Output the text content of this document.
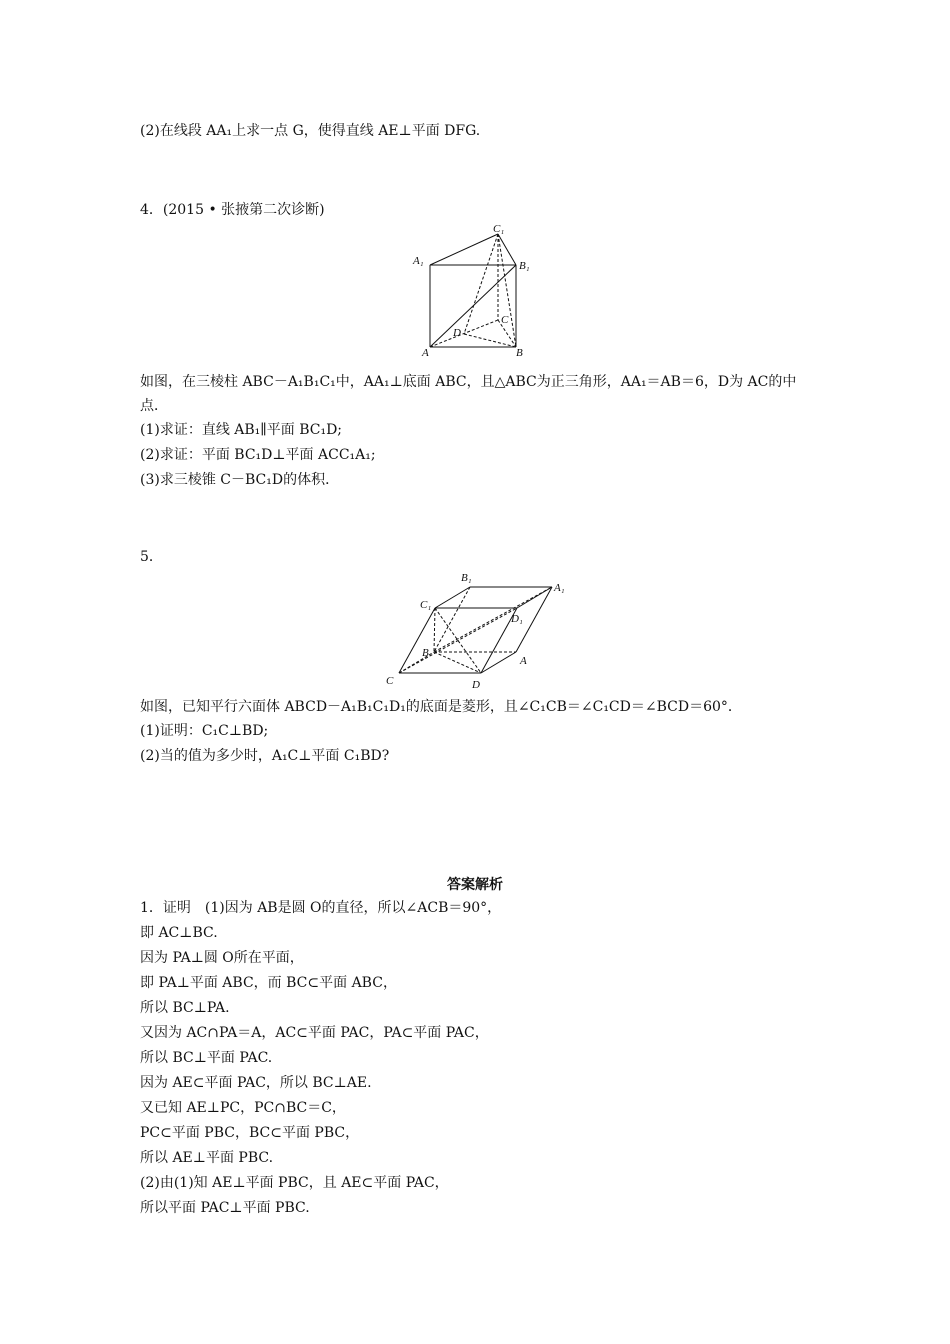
(2)在线段 AA₁上求一点 G，使得直线 AE⊥平面 DFG.
4．(2015 • 张掖第二次诊断)
A₁
C₁
B₁
C
D
A	B
如图，在三棱柱 ABC－A₁B₁C₁中，AA₁⊥底面 ABC，且△ABC为正三角形，AA₁＝AB＝6，D为 AC的中
点．
(1)求证：直线 AB₁∥平面 BC₁D;
(2)求证：平面 BC₁D⊥平面 ACC₁A₁;
(3)求三棱锥 C－BC₁D的体积．
5．
B₁
A₁
C₁
D₁
B
A
C	D
如图，已知平行六面体 ABCD－A₁B₁C₁D₁的底面是菱形，且∠C₁CB＝∠C₁CD＝∠BCD＝60°．
(1)证明：C₁C⊥BD;
(2)当的值为多少时，A₁C⊥平面 C₁BD?
答案解析
1．证明　(1)因为 AB是圆 O的直径，所以∠ACB＝90°，
即 AC⊥BC.
因为 PA⊥圆 O所在平面，
即 PA⊥平面 ABC，而 BC⊂平面 ABC，
所以 BC⊥PA.
又因为 AC∩PA＝A，AC⊂平面 PAC，PA⊂平面 PAC，
所以 BC⊥平面 PAC.
因为 AE⊂平面 PAC，所以 BC⊥AE.
又已知 AE⊥PC，PC∩BC＝C，
PC⊂平面 PBC，BC⊂平面 PBC，
所以 AE⊥平面 PBC.
(2)由(1)知 AE⊥平面 PBC，且 AE⊂平面 PAC，
所以平面 PAC⊥平面 PBC.
